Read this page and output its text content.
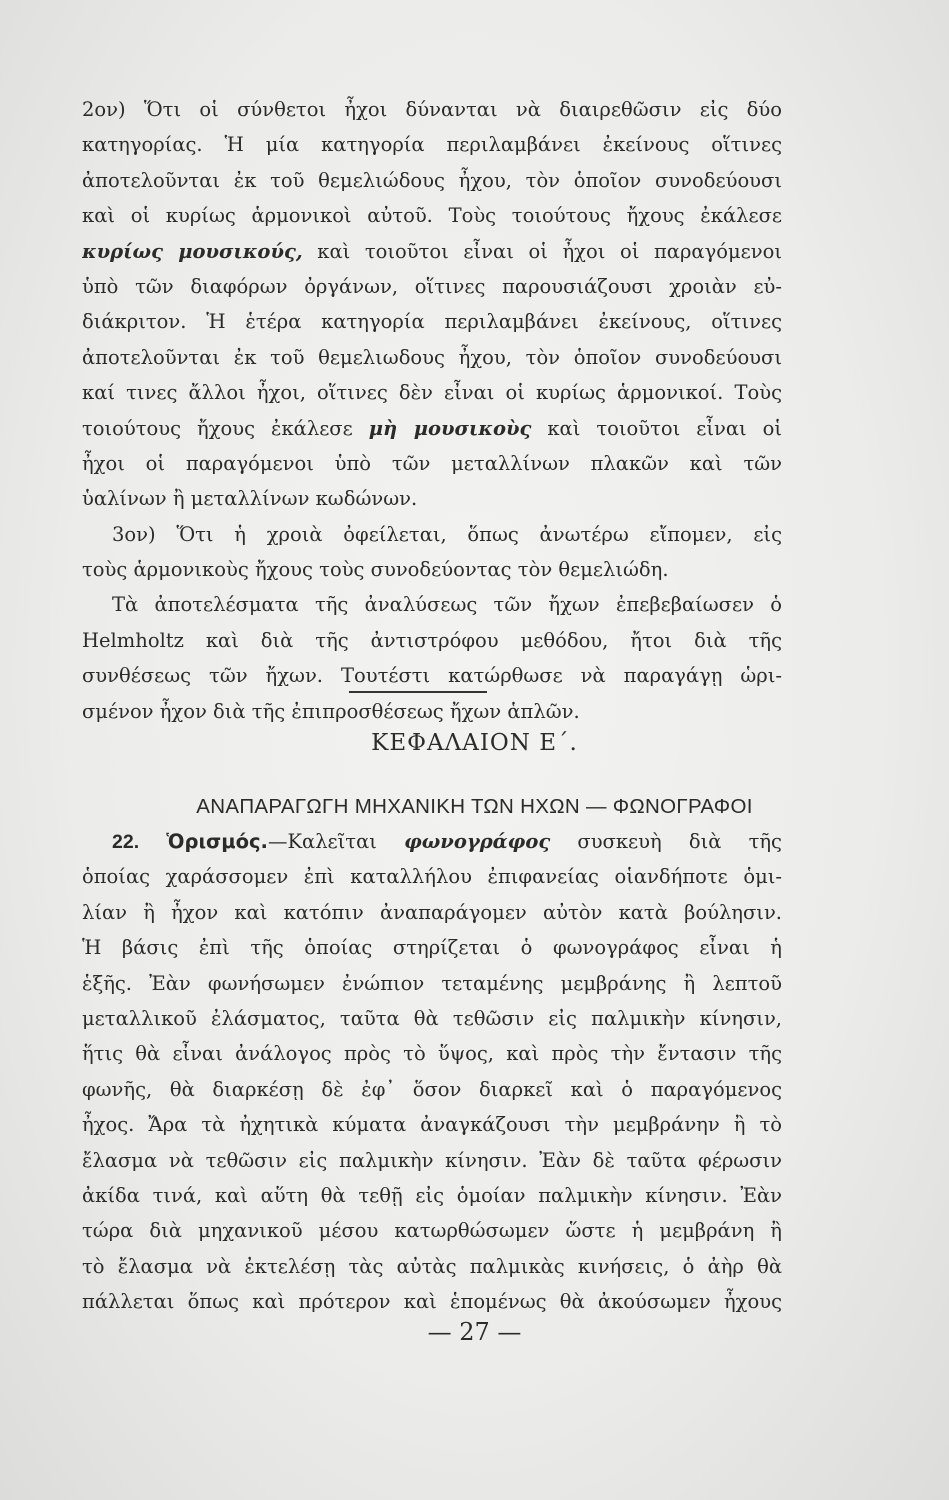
2ον) Ὅτι οἱ σύνθετοι ἦχοι δύνανται νὰ διαιρεθῶσιν εἰς δύο
κατηγορίας. Ἡ μία κατηγορία περιλαμβάνει ἐκείνους οἵτινες
ἀποτελοῦνται ἐκ τοῦ θεμελιώδους ἦχου, τὸν ὁποῖον συνοδεύουσι
καὶ οἱ κυρίως ἁρμονικοὶ αὐτοῦ. Τοὺς τοιούτους ἤχους ἐκάλεσε
κυρίως μουσικούς, καὶ τοιοῦτοι εἶναι οἱ ἦχοι οἱ παραγόμενοι
ὑπὸ τῶν διαφόρων ὀργάνων, οἵτινες παρουσιάζουσι χροιὰν εὐ-
διάκριτον. Ἡ ἑτέρα κατηγορία περιλαμβάνει ἐκείνους, οἵτινες
ἀποτελοῦνται ἐκ τοῦ θεμελιωδους ἦχου, τὸν ὁποῖον συνοδεύουσι
καί τινες ἄλλοι ἦχοι, οἵτινες δὲν εἶναι οἱ κυρίως ἁρμονικοί. Τοὺς
τοιούτους ἤχους ἐκάλεσε μὴ μουσικοὺς καὶ τοιοῦτοι εἶναι οἱ
ἦχοι οἱ παραγόμενοι ὑπὸ τῶν μεταλλίνων πλακῶν καὶ τῶν
ὑαλίνων ἢ μεταλλίνων κωδώνων.
3ον) Ὅτι ἡ χροιὰ ὀφείλεται, ὅπως ἀνωτέρω εἴπομεν, εἰς
τοὺς ἁρμονικοὺς ἤχους τοὺς συνοδεύοντας τὸν θεμελιώδη.
Τὰ ἀποτελέσματα τῆς ἀναλύσεως τῶν ἤχων ἐπεβεβαίωσεν ὁ
Helmholtz καὶ διὰ τῆς ἀντιστρόφου μεθόδου, ἤτοι διὰ τῆς
συνθέσεως τῶν ἤχων. Τουτέστι κατώρθωσε νὰ παραγάγῃ ὡρι-
σμένον ἦχον διὰ τῆς ἐπιπροσθέσεως ἤχων ἁπλῶν.
ΚΕΦΑΛΑΙΟΝ Ε΄.
ΑΝΑΠΑΡΑΓΩΓΗ ΜΗΧΑΝΙΚΗ ΤΩΝ ΗΧΩΝ — ΦΩΝΟΓΡΑΦΟΙ
22. Ὁρισμός.—Καλεῖται φωνογράφος συσκευὴ διὰ τῆς
ὁποίας χαράσσομεν ἐπὶ καταλλήλου ἐπιφανείας οἱανδήποτε ὁμι-
λίαν ἢ ἦχον καὶ κατόπιν ἀναπαράγομεν αὐτὸν κατὰ βούλησιν.
Ἡ βάσις ἐπὶ τῆς ὁποίας στηρίζεται ὁ φωνογράφος εἶναι ἡ
ἑξῆς. Ἐὰν φωνήσωμεν ἐνώπιον τεταμένης μεμβράνης ἢ λεπτοῦ
μεταλλικοῦ ἐλάσματος, ταῦτα θὰ τεθῶσιν εἰς παλμικὴν κίνησιν,
ἥτις θὰ εἶναι ἀνάλογος πρὸς τὸ ὕψος, καὶ πρὸς τὴν ἔντασιν τῆς
φωνῆς, θὰ διαρκέσῃ δὲ ἐφ᾽ ὅσον διαρκεῖ καὶ ὁ παραγόμενος
ἦχος. Ἄρα τὰ ἠχητικὰ κύματα ἀναγκάζουσι τὴν μεμβράνην ἢ τὸ
ἔλασμα νὰ τεθῶσιν εἰς παλμικὴν κίνησιν. Ἐὰν δὲ ταῦτα φέρωσιν
ἀκίδα τινά, καὶ αὕτη θὰ τεθῇ εἰς ὁμοίαν παλμικὴν κίνησιν. Ἐὰν
τώρα διὰ μηχανικοῦ μέσου κατωρθώσωμεν ὥστε ἡ μεμβράνη ἢ
τὸ ἔλασμα νὰ ἐκτελέσῃ τὰς αὐτὰς παλμικὰς κινήσεις, ὁ ἀὴρ θὰ
πάλλεται ὅπως καὶ πρότερον καὶ ἑπομένως θὰ ἀκούσωμεν ἦχους
— 27 —
